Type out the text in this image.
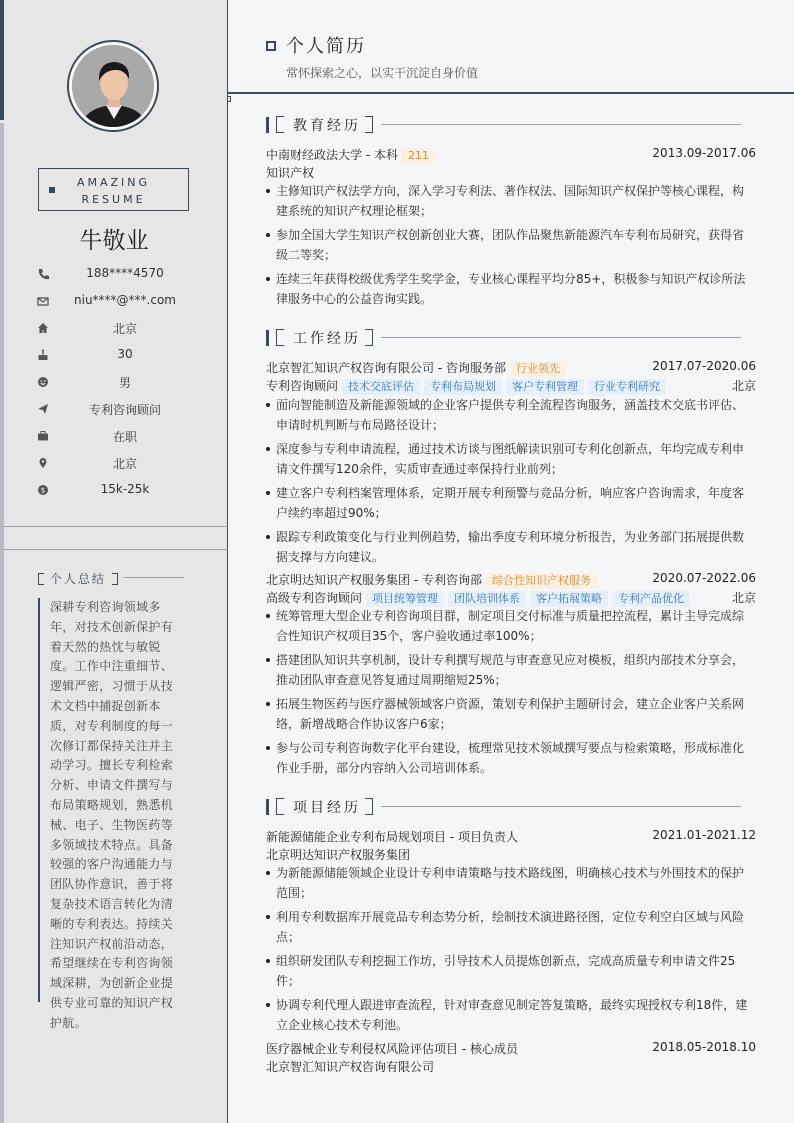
AMAZING
RESUME
牛敬业
188****4570
niu****@***.com
北京
30
男
专利咨询顾问
在职
北京
$	15k-25k
个人总结
深耕专利咨询领域多年，对技术创新保护有着天然的热忱与敏锐度。工作中注重细节、逻辑严密，习惯于从技术文档中捕捉创新本质，对专利制度的每一次修订都保持关注并主动学习。擅长专利检索分析、申请文件撰写与布局策略规划，熟悉机械、电子、生物医药等多领域技术特点。具备较强的客户沟通能力与团队协作意识，善于将复杂技术语言转化为清晰的专利表达。持续关注知识产权前沿动态，希望继续在专利咨询领域深耕，为创新企业提供专业可靠的知识产权护航。
个人简历
常怀探索之心，以实干沉淀自身价值
教育经历
中南财经政法大学 - 本科 211	2013.09-2017.06
知识产权
主修知识产权法学方向，深入学习专利法、著作权法、国际知识产权保护等核心课程，构建系统的知识产权理论框架；
参加全国大学生知识产权创新创业大赛，团队作品聚焦新能源汽车专利布局研究，获得省级二等奖；
连续三年获得校级优秀学生奖学金，专业核心课程平均分85+，积极参与知识产权诊所法律服务中心的公益咨询实践。
工作经历
北京智汇知识产权咨询有限公司 - 咨询服务部 行业领先	2017.07-2020.06
专利咨询顾问 技术交底评估 专利布局规划 客户专利管理 行业专利研究	北京
面向智能制造及新能源领域的企业客户提供专利全流程咨询服务，涵盖技术交底书评估、申请时机判断与布局路径设计；
深度参与专利申请流程，通过技术访谈与图纸解读识别可专利化创新点，年均完成专利申请文件撰写120余件，实质审查通过率保持行业前列；
建立客户专利档案管理体系，定期开展专利预警与竞品分析，响应客户咨询需求，年度客户续约率超过90%；
跟踪专利政策变化与行业判例趋势，输出季度专利环境分析报告，为业务部门拓展提供数据支撑与方向建议。
北京明达知识产权服务集团 - 专利咨询部 综合性知识产权服务	2020.07-2022.06
高级专利咨询顾问 项目统筹管理 团队培训体系 客户拓展策略 专利产品优化	北京
统筹管理大型企业专利咨询项目群，制定项目交付标准与质量把控流程，累计主导完成综合性知识产权项目35个，客户验收通过率100%；
搭建团队知识共享机制，设计专利撰写规范与审查意见应对模板，组织内部技术分享会，推动团队审查意见答复通过周期缩短25%；
拓展生物医药与医疗器械领域客户资源，策划专利保护主题研讨会，建立企业客户关系网络，新增战略合作协议客户6家；
参与公司专利咨询数字化平台建设，梳理常见技术领域撰写要点与检索策略，形成标准化作业手册，部分内容纳入公司培训体系。
项目经历
新能源储能企业专利布局规划项目 - 项目负责人	2021.01-2021.12
北京明达知识产权服务集团
为新能源储能领域企业设计专利申请策略与技术路线图，明确核心技术与外围技术的保护范围；
利用专利数据库开展竞品专利态势分析，绘制技术演进路径图，定位专利空白区域与风险点；
组织研发团队专利挖掘工作坊，引导技术人员提炼创新点，完成高质量专利申请文件25件；
协调专利代理人跟进审查流程，针对审查意见制定答复策略，最终实现授权专利18件，建立企业核心技术专利池。
医疗器械企业专利侵权风险评估项目 - 核心成员	2018.05-2018.10
北京智汇知识产权咨询有限公司
